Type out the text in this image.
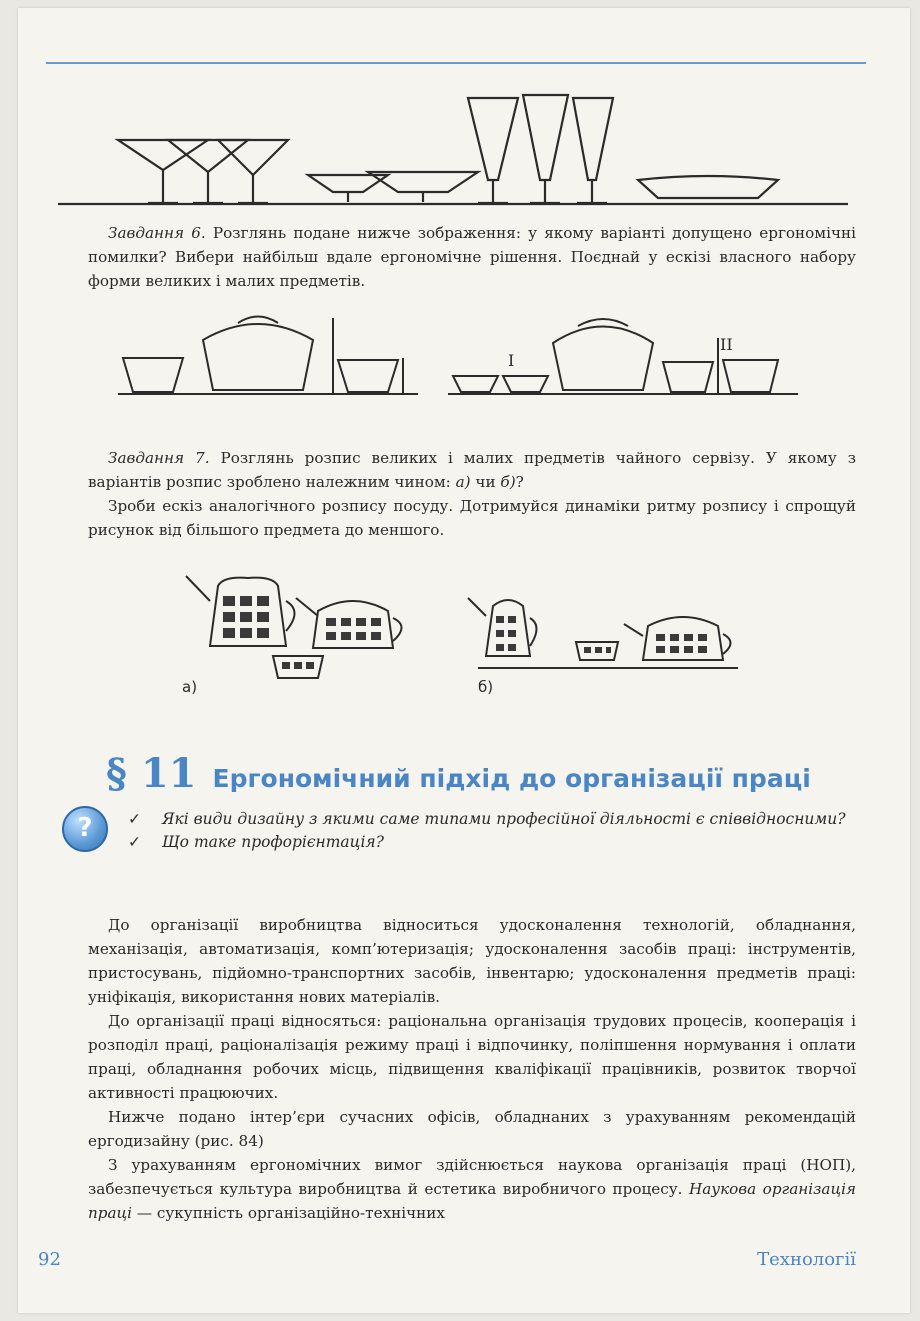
Завдання 6. Розглянь подане нижче зображення: у якому варіанті допущено ергономічні помилки? Вибери найбільш вдале ергономічне рішення. Поєднай у ескізі власного набору форми великих і малих предметів.

I
II

Завдання 7. Розглянь розпис великих і малих предметів чайного сервізу. У якому з варіантів розпис зроблено належним чином: а) чи б)?

Зроби ескіз аналогічного розпису посуду. Дотримуйся динаміки ритму розпису і спрощуй рисунок від більшого предмета до меншого.

а)	б)
§ 11 Ергономічний підхід до організації праці
?	✓ Які види дизайну з якими саме типами професійної діяльності є співвідносними?
✓ Що таке профорієнтація?

До організації виробництва відноситься удосконалення технологій, обладнання, механізація, автоматизація, комп’ютеризація; удосконалення засобів праці: інструментів, пристосувань, підйомно-транспортних засобів, інвентарю; удосконалення предметів праці: уніфікація, використання нових матеріалів.

До організації праці відносяться: раціональна організація трудових процесів, кооперація і розподіл праці, раціоналізація режиму праці і відпочинку, поліпшення нормування і оплати праці, обладнання робочих місць, підвищення кваліфікації працівників, розвиток творчої активності працюючих.

Нижче подано інтер’єри сучасних офісів, обладнаних з урахуванням рекомендацій ергодизайну (рис. 84)

З урахуванням ергономічних вимог здійснюється наукова організація праці (НОП), забезпечується культура виробництва й естетика виробничого процесу. Наукова організація праці — сукупність організаційно-технічних

92	Технології
